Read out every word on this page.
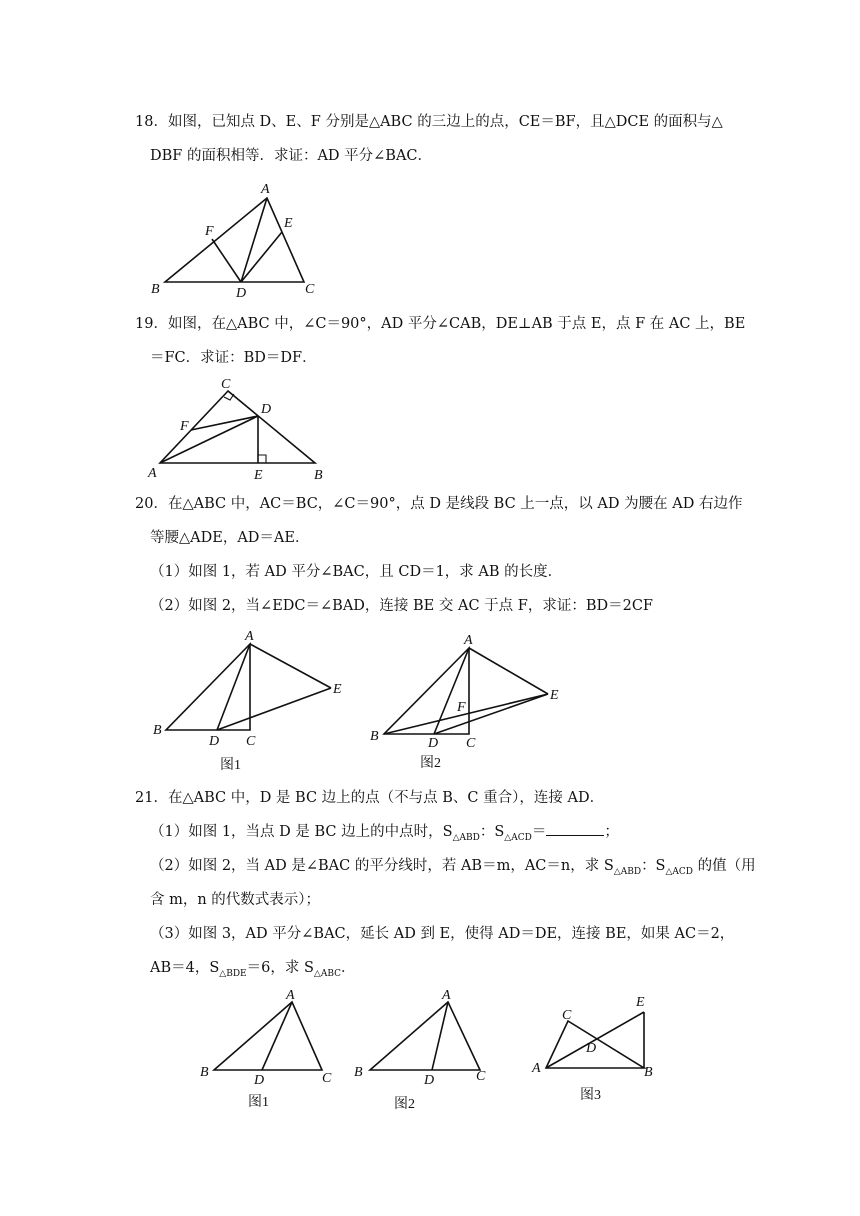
18．如图，已知点 D、E、F 分别是△ABC 的三边上的点，CE＝BF，且△DCE 的面积与△
DBF 的面积相等．求证：AD 平分∠BAC．
A
B	C
D
E
F
19．如图，在△ABC 中，∠C＝90°，AD 平分∠CAB，DE⊥AB 于点 E，点 F 在 AC 上，BE
＝FC．求证：BD＝DF．
C
D
F
A	E	B
20．在△ABC 中，AC＝BC，∠C＝90°，点 D 是线段 BC 上一点，以 AD 为腰在 AD 右边作
等腰△ADE，AD＝AE．
（1）如图 1，若 AD 平分∠BAC，且 CD＝1，求 AB 的长度．
（2）如图 2，当∠EDC＝∠BAD，连接 BE 交 AC 于点 F，求证：BD＝2CF
A
B
D C
E
图1
A
B	D C
F
E
图2
21．在△ABC 中，D 是 BC 边上的点（不与点 B、C 重合），连接 AD．
（1）如图 1，当点 D 是 BC 边上的中点时，$S_{\triangle ABD}$：$S_{\triangle ACD}=$	；
（2）如图 2，当 AD 是∠BAC 的平分线时，若 AB＝m，AC＝n，求 $S_{\triangle ABD}$：$S_{\triangle ACD}$ 的值（用
含 m，n 的代数式表示）；
（3）如图 3，AD 平分∠BAC，延长 AD 到 E，使得 AD＝DE，连接 BE，如果 AC＝2，
AB＝4，$S_{\triangle BDE}=6$，求 $S_{\triangle ABC}$．
A
B
D	C
图1
A
B
D	C
图2
C
E
D
A	B
图3
